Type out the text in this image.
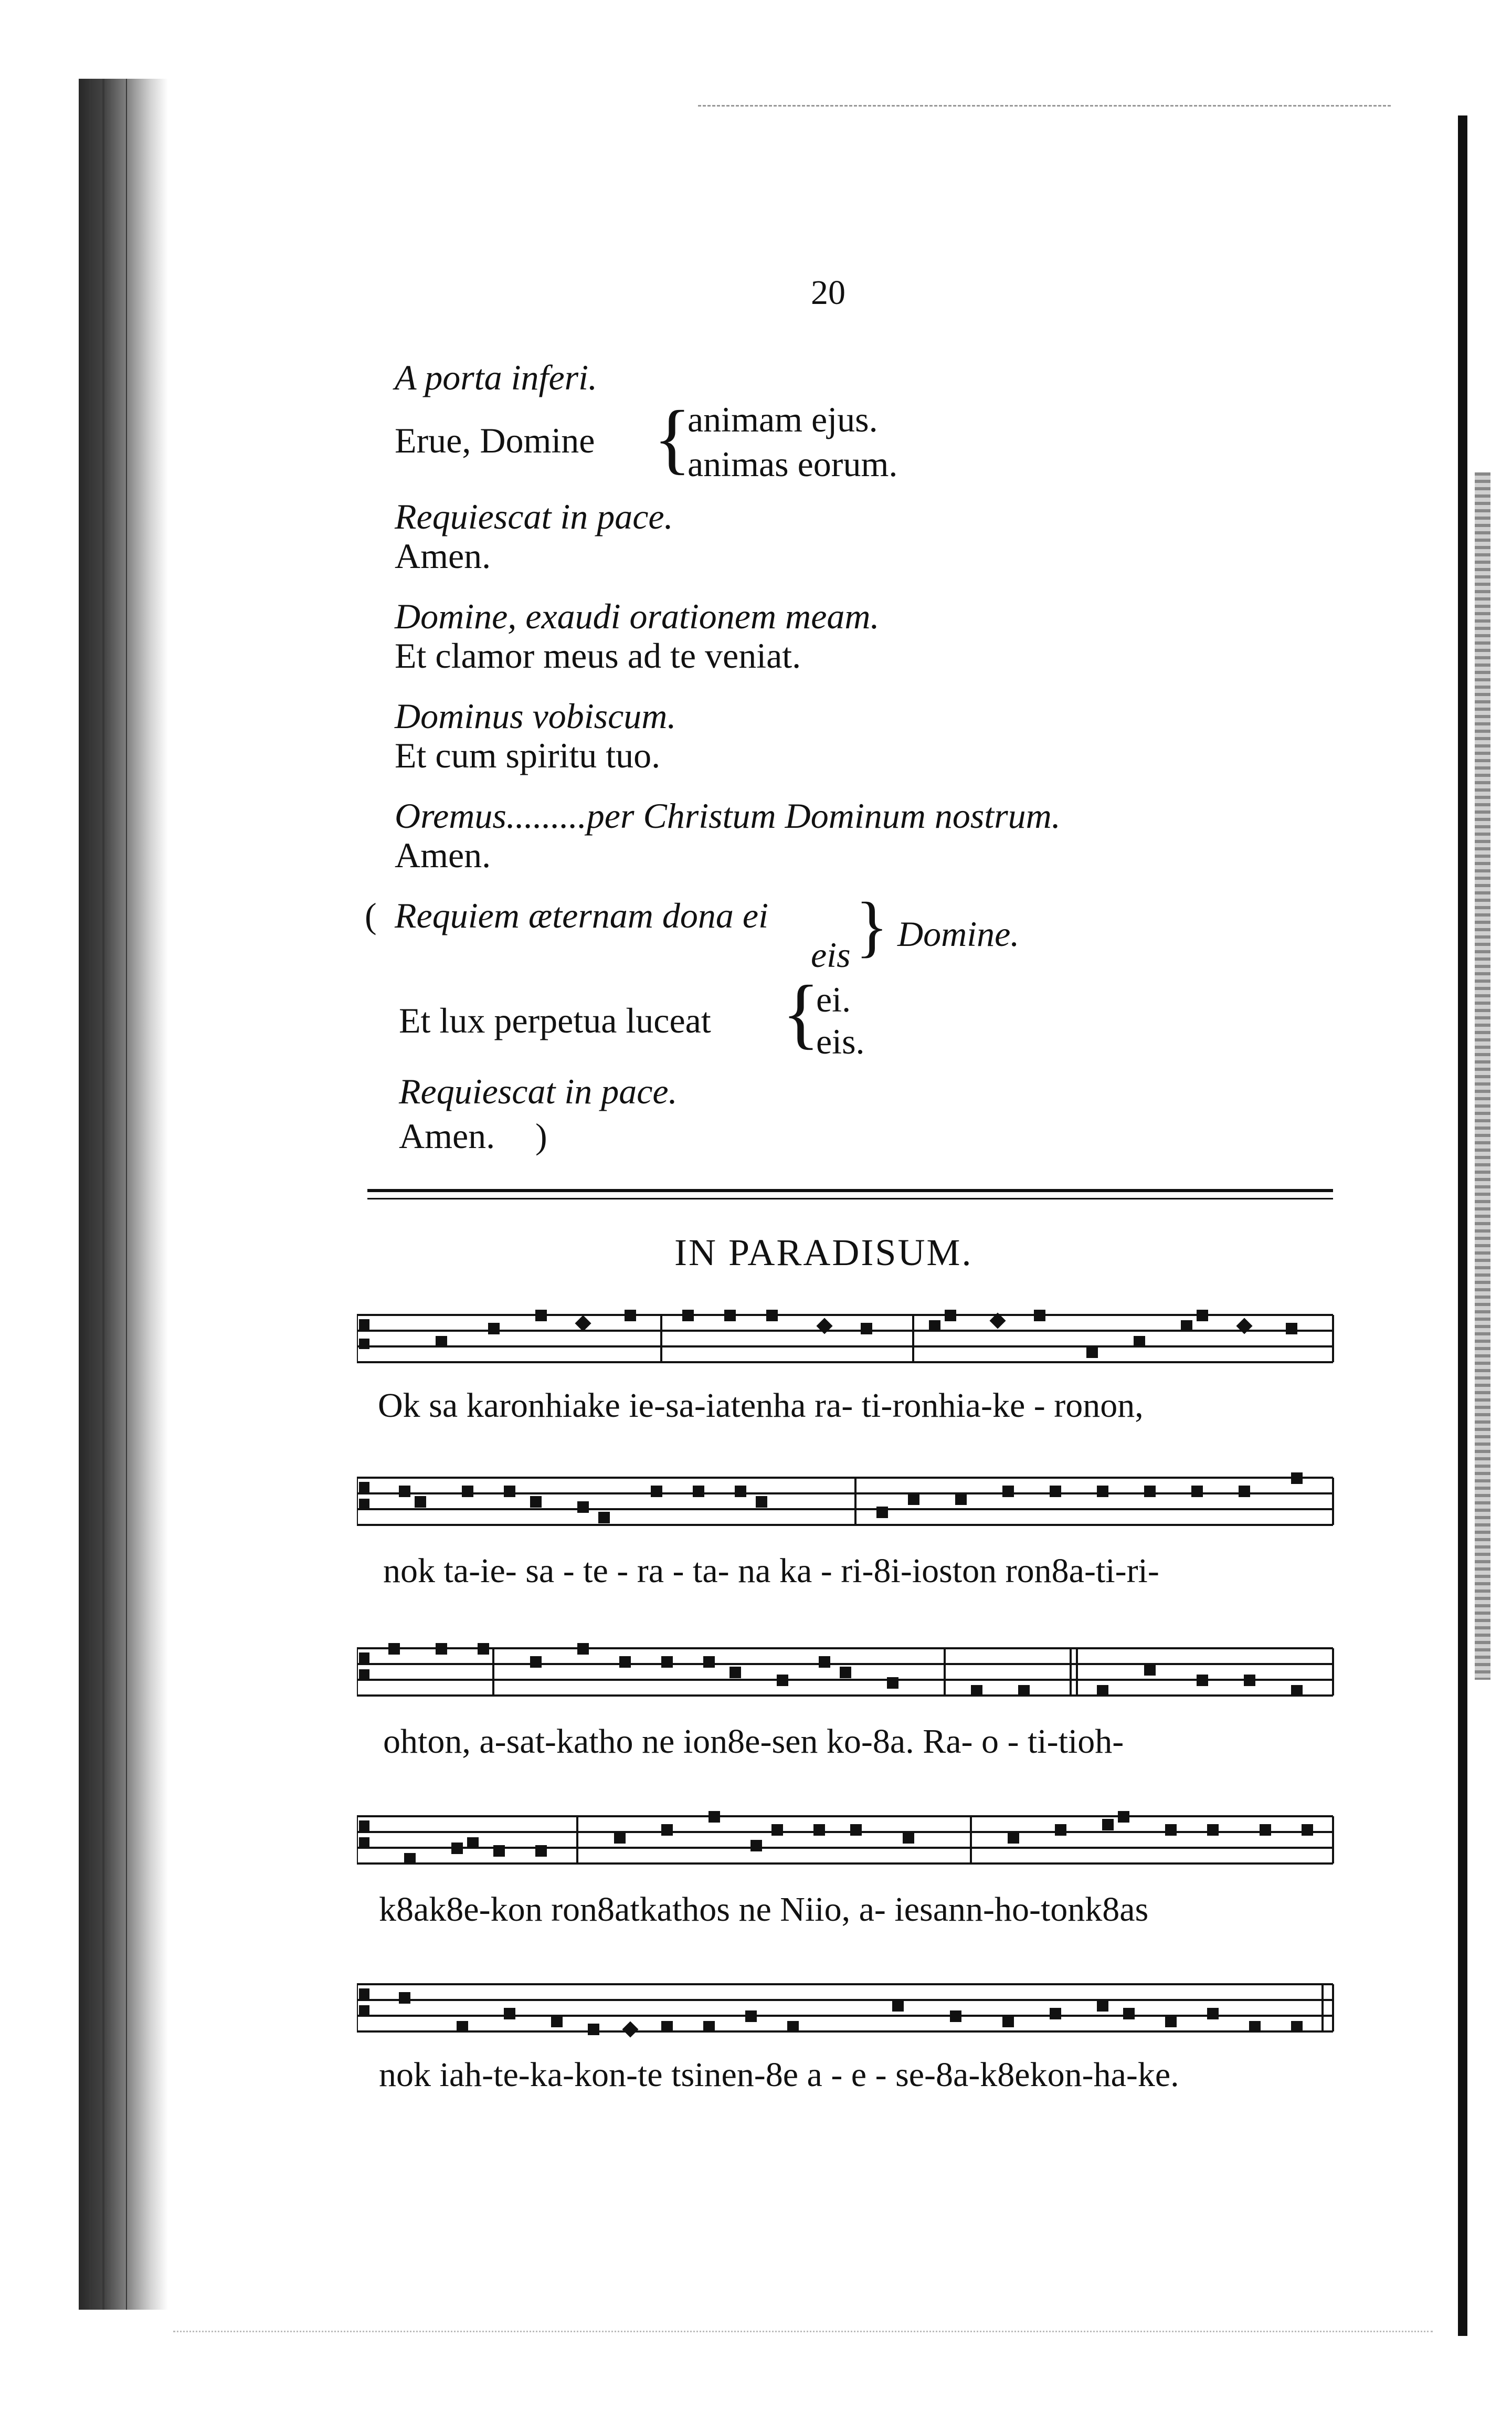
20
A porta inferi.
Erue, Domine {
animam ejus.
animas eorum.
Requiescat in pace.
Amen.
Domine, exaudi orationem meam.
Et clamor meus ad te veniat.
Dominus vobiscum.
Et cum spiritu tuo.
Oremus.........per Christum Dominum nostrum.
Amen.
( Requiem æternam dona ei
eis } Domine.
Et lux perpetua luceat {
ei.
eis.
Requiescat in pace.
Amen. )
IN PARADISUM.
Ok sa karonhiake ie-sa-iatenha ra- ti-ronhia-ke - ronon,
nok ta-ie- sa - te - ra - ta- na ka - ri-8i-ioston ron8a-ti-ri-
ohton, a-sat-katho ne ion8e-sen ko-8a. Ra- o - ti-tioh-
k8ak8e-kon ron8atkathos ne Niio, a- iesann-ho-tonk8as
nok iah-te-ka-kon-te tsinen-8e a - e - se-8a-k8ekon-ha-ke.
